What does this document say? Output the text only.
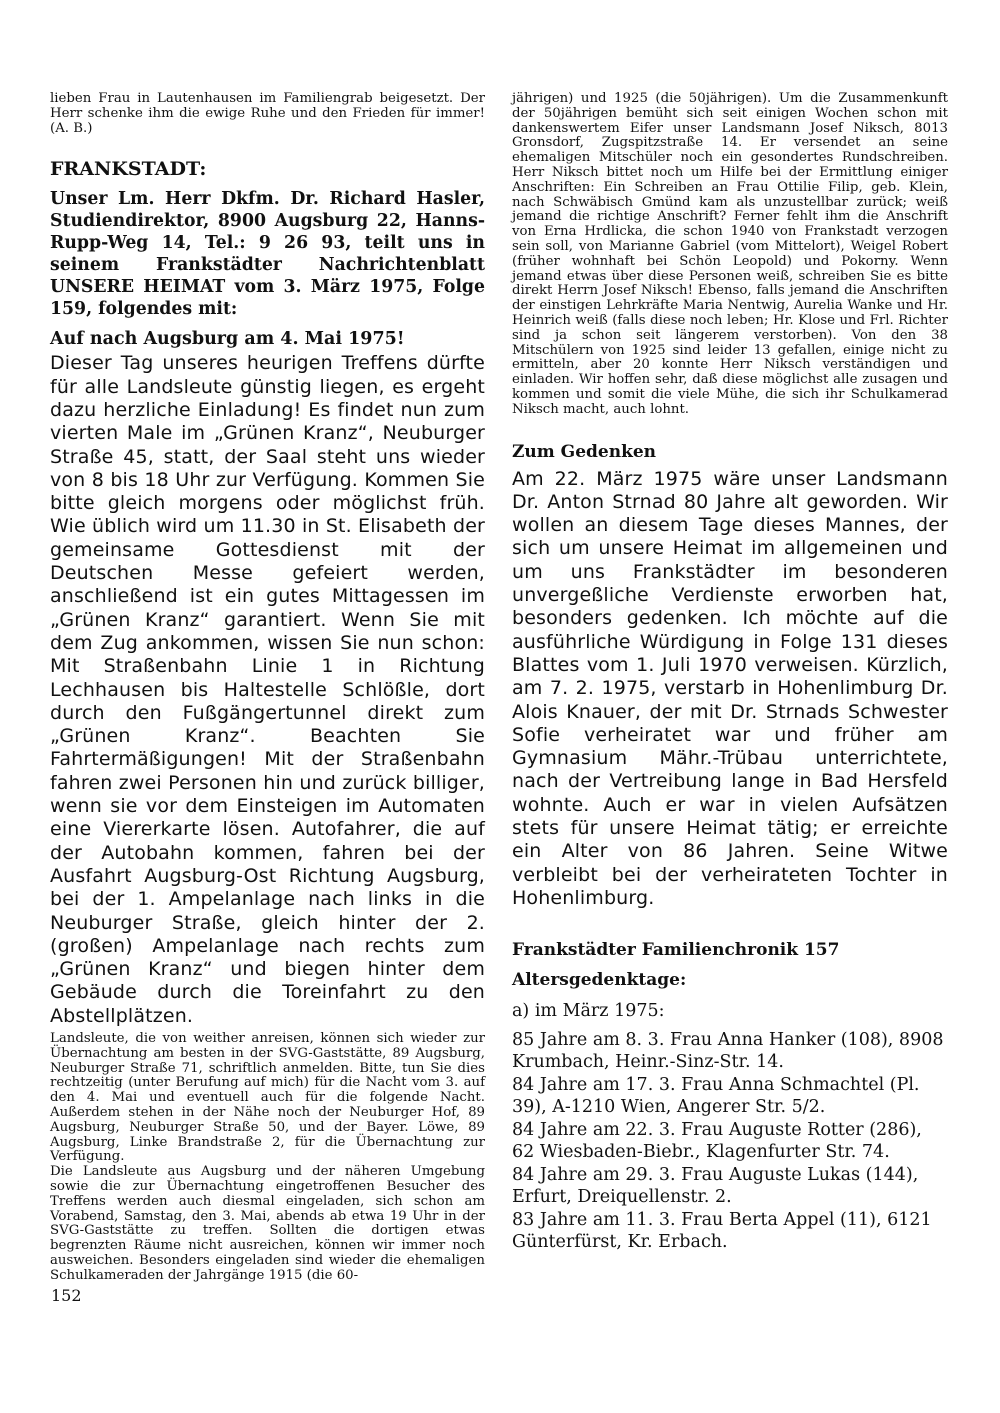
lieben Frau in Lautenhausen im Familiengrab beigesetzt. Der Herr schenke ihm die ewige Ruhe und den Frieden für immer! (A. B.)

FRANKSTADT:

Unser Lm. Herr Dkfm. Dr. Richard Hasler, Studiendirektor, 8900 Augsburg 22, Hanns-Rupp-Weg 14, Tel.: 9 26 93, teilt uns in seinem Frankstädter Nachrichtenblatt UNSERE HEIMAT vom 3. März 1975, Folge 159, folgendes mit:

Auf nach Augsburg am 4. Mai 1975!

Dieser Tag unseres heurigen Treffens dürfte für alle Landsleute günstig liegen, es ergeht dazu herzliche Einladung! Es findet nun zum vierten Male im „Grünen Kranz“, Neuburger Straße 45, statt, der Saal steht uns wieder von 8 bis 18 Uhr zur Verfügung. Kommen Sie bitte gleich morgens oder möglichst früh. Wie üblich wird um 11.30 in St. Elisabeth der gemeinsame Gottesdienst mit der Deutschen Messe gefeiert werden, anschließend ist ein gutes Mittagessen im „Grünen Kranz“ garantiert. Wenn Sie mit dem Zug ankommen, wissen Sie nun schon: Mit Straßenbahn Linie 1 in Richtung Lechhausen bis Haltestelle Schlößle, dort durch den Fußgängertunnel direkt zum „Grünen Kranz“. Beachten Sie Fahrtermäßigungen! Mit der Straßenbahn fahren zwei Personen hin und zurück billiger, wenn sie vor dem Einsteigen im Automaten eine Viererkarte lösen. Autofahrer, die auf der Autobahn kommen, fahren bei der Ausfahrt Augsburg-Ost Richtung Augsburg, bei der 1. Ampelanlage nach links in die Neuburger Straße, gleich hinter der 2. (großen) Ampelanlage nach rechts zum „Grünen Kranz“ und biegen hinter dem Gebäude durch die Toreinfahrt zu den Abstellplätzen.

Landsleute, die von weither anreisen, können sich wieder zur Übernachtung am besten in der SVG-Gaststätte, 89 Augsburg, Neuburger Straße 71, schriftlich anmelden. Bitte, tun Sie dies rechtzeitig (unter Berufung auf mich) für die Nacht vom 3. auf den 4. Mai und eventuell auch für die folgende Nacht. Außerdem stehen in der Nähe noch der Neuburger Hof, 89 Augsburg, Neuburger Straße 50, und der Bayer. Löwe, 89 Augsburg, Linke Brandstraße 2, für die Übernachtung zur Verfügung.

Die Landsleute aus Augsburg und der näheren Umgebung sowie die zur Übernachtung eingetroffenen Besucher des Treffens werden auch diesmal eingeladen, sich schon am Vorabend, Samstag, den 3. Mai, abends ab etwa 19 Uhr in der SVG-Gaststätte zu treffen. Sollten die dortigen etwas begrenzten Räume nicht ausreichen, können wir immer noch ausweichen. Besonders eingeladen sind wieder die ehemaligen Schulkameraden der Jahrgänge 1915 (die 60-

jährigen) und 1925 (die 50jährigen). Um die Zusammenkunft der 50jährigen bemüht sich seit einigen Wochen schon mit dankenswertem Eifer unser Landsmann Josef Niksch, 8013 Gronsdorf, Zugspitzstraße 14. Er versendet an seine ehemaligen Mitschüler noch ein gesondertes Rundschreiben. Herr Niksch bittet noch um Hilfe bei der Ermittlung einiger Anschriften: Ein Schreiben an Frau Ottilie Filip, geb. Klein, nach Schwäbisch Gmünd kam als unzustellbar zurück; weiß jemand die richtige Anschrift? Ferner fehlt ihm die Anschrift von Erna Hrdlicka, die schon 1940 von Frankstadt verzogen sein soll, von Marianne Gabriel (vom Mittelort), Weigel Robert (früher wohnhaft bei Schön Leopold) und Pokorny. Wenn jemand etwas über diese Personen weiß, schreiben Sie es bitte direkt Herrn Josef Niksch! Ebenso, falls jemand die Anschriften der einstigen Lehrkräfte Maria Nentwig, Aurelia Wanke und Hr. Heinrich weiß (falls diese noch leben; Hr. Klose und Frl. Richter sind ja schon seit längerem verstorben). Von den 38 Mitschülern von 1925 sind leider 13 gefallen, einige nicht zu ermitteln, aber 20 konnte Herr Niksch verständigen und einladen. Wir hoffen sehr, daß diese möglichst alle zusagen und kommen und somit die viele Mühe, die sich ihr Schulkamerad Niksch macht, auch lohnt.

Zum Gedenken

Am 22. März 1975 wäre unser Landsmann Dr. Anton Strnad 80 Jahre alt geworden. Wir wollen an diesem Tage dieses Mannes, der sich um unsere Heimat im allgemeinen und um uns Frankstädter im besonderen unvergeßliche Verdienste erworben hat, besonders gedenken. Ich möchte auf die ausführliche Würdigung in Folge 131 dieses Blattes vom 1. Juli 1970 verweisen. Kürzlich, am 7. 2. 1975, verstarb in Hohenlimburg Dr. Alois Knauer, der mit Dr. Strnads Schwester Sofie verheiratet war und früher am Gymnasium Mähr.-Trübau unterrichtete, nach der Vertreibung lange in Bad Hersfeld wohnte. Auch er war in vielen Aufsätzen stets für unsere Heimat tätig; er erreichte ein Alter von 86 Jahren. Seine Witwe verbleibt bei der verheirateten Tochter in Hohenlimburg.

Frankstädter Familienchronik 157
Altersgedenktage:

a) im März 1975:

85 Jahre am 8. 3. Frau Anna Hanker (108), 8908 Krumbach, Heinr.-Sinz-Str. 14.

84 Jahre am 17. 3. Frau Anna Schmachtel (Pl. 39), A-1210 Wien, Angerer Str. 5/2.

84 Jahre am 22. 3. Frau Auguste Rotter (286), 62 Wiesbaden-Biebr., Klagenfurter Str. 74.

84 Jahre am 29. 3. Frau Auguste Lukas (144), Erfurt, Dreiquellenstr. 2.

83 Jahre am 11. 3. Frau Berta Appel (11), 6121 Günterfürst, Kr. Erbach.

152
